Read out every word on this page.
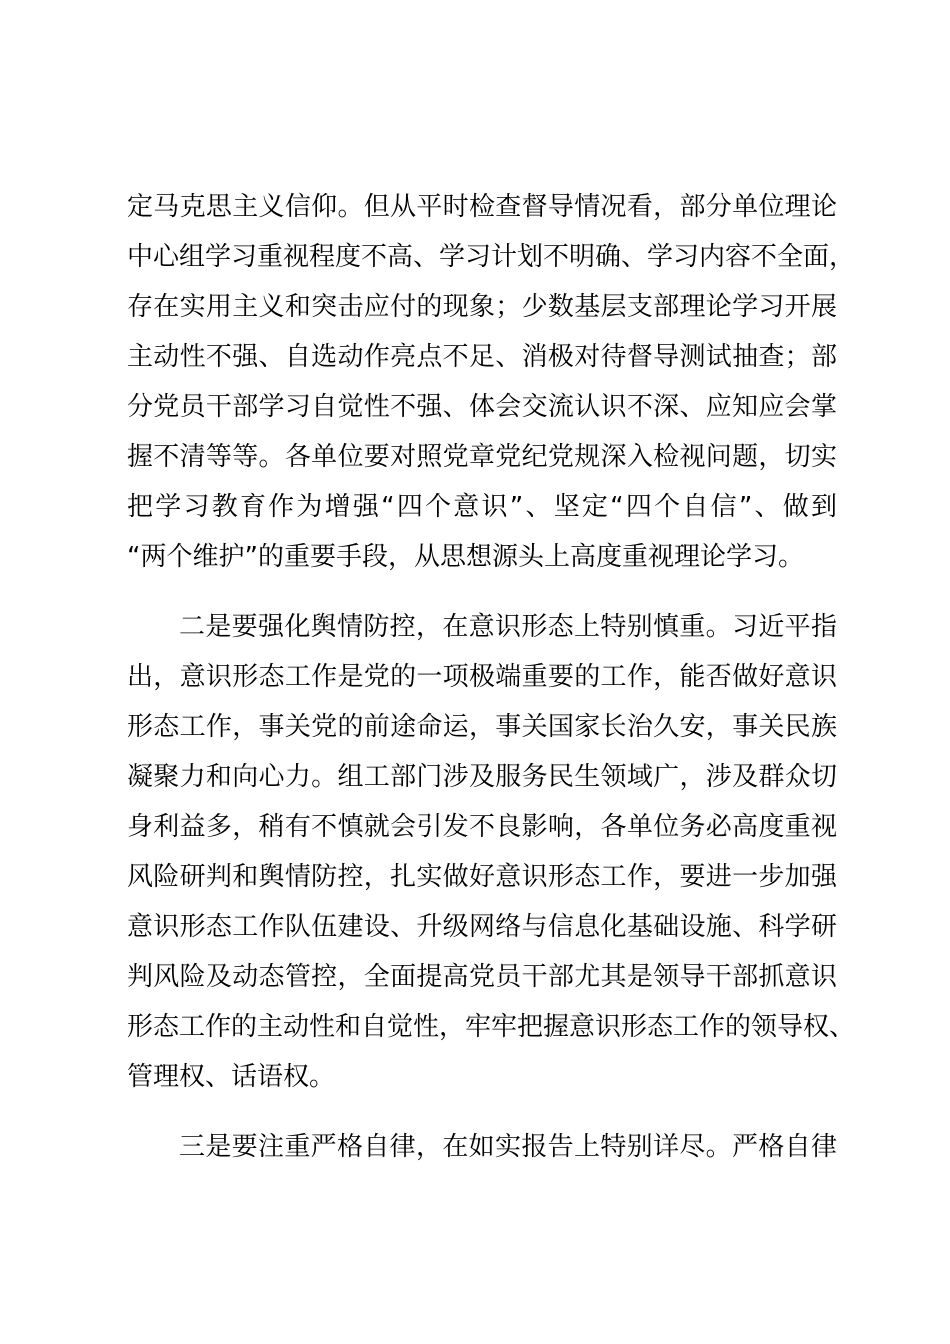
定马克思主义信仰。但从平时检查督导情况看，部分单位理论
中心组学习重视程度不高、学习计划不明确、学习内容不全面，
存在实用主义和突击应付的现象；少数基层支部理论学习开展
主动性不强、自选动作亮点不足、消极对待督导测试抽查；部
分党员干部学习自觉性不强、体会交流认识不深、应知应会掌
握不清等等。各单位要对照党章党纪党规深入检视问题，切实
把学习教育作为增强“四个意识”、坚定“四个自信”、做到
“两个维护”的重要手段，从思想源头上高度重视理论学习。
二是要强化舆情防控，在意识形态上特别慎重。习近平指
出，意识形态工作是党的一项极端重要的工作，能否做好意识
形态工作，事关党的前途命运，事关国家长治久安，事关民族
凝聚力和向心力。组工部门涉及服务民生领域广，涉及群众切
身利益多，稍有不慎就会引发不良影响，各单位务必高度重视
风险研判和舆情防控，扎实做好意识形态工作，要进一步加强
意识形态工作队伍建设、升级网络与信息化基础设施、科学研
判风险及动态管控，全面提高党员干部尤其是领导干部抓意识
形态工作的主动性和自觉性，牢牢把握意识形态工作的领导权、
管理权、话语权。
三是要注重严格自律，在如实报告上特别详尽。严格自律
